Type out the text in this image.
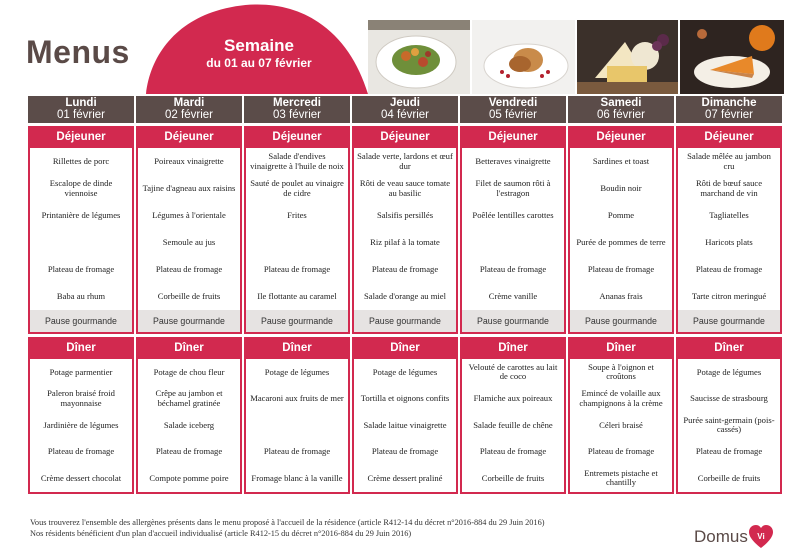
Menus	Semaine
du 01 au 07 février
Lundi
01 février
Déjeuner
Rillettes de porc
Escalope de dinde viennoise
Printanière de légumes
Plateau de fromage
Baba au rhum
Pause gourmande
Dîner
Potage parmentier
Paleron braisé froid mayonnaise
Jardinière de légumes
Plateau de fromage
Crème dessert chocolat
Mardi
02 février
Déjeuner
Poireaux vinaigrette
Tajine d'agneau aux raisins
Légumes à l'orientale
Semoule au jus
Plateau de fromage
Corbeille de fruits
Pause gourmande
Dîner
Potage de chou fleur
Crêpe au jambon et béchamel gratinée
Salade iceberg
Plateau de fromage
Compote pomme poire
Mercredi
03 février
Déjeuner
Salade d'endives vinaigrette à l'huile de noix
Sauté de poulet au vinaigre de cidre
Frites
Plateau de fromage
Ile flottante au caramel
Pause gourmande
Dîner
Potage de légumes
Macaroni aux fruits de mer
Plateau de fromage
Fromage blanc à la vanille
Jeudi
04 février
Déjeuner
Salade verte, lardons et œuf dur
Rôti de veau sauce tomate au basilic
Salsifis persillés
Riz pilaf à la tomate
Plateau de fromage
Salade d'orange au miel
Pause gourmande
Dîner
Potage de légumes
Tortilla et oignons confits
Salade laitue vinaigrette
Plateau de fromage
Crème dessert praliné
Vendredi
05 février
Déjeuner
Betteraves vinaigrette
Filet de saumon rôti à l'estragon
Poêlée lentilles carottes
Plateau de fromage
Crème vanille
Pause gourmande
Dîner
Velouté de carottes au lait de coco
Flamiche aux poireaux
Salade feuille de chêne
Plateau de fromage
Corbeille de fruits
Samedi
06 février
Déjeuner
Sardines et toast
Boudin noir
Pomme
Purée de pommes de terre
Plateau de fromage
Ananas frais
Pause gourmande
Dîner
Soupe à l'oignon et croûtons
Emincé de volaille aux champignons à la crème
Céleri braisé
Plateau de fromage
Entremets pistache et chantilly
Dimanche
07 février
Déjeuner
Salade mêlée au jambon cru
Rôti de bœuf sauce marchand de vin
Tagliatelles
Haricots plats
Plateau de fromage
Tarte citron meringué
Pause gourmande
Dîner
Potage de légumes
Saucisse de strasbourg
Purée saint-germain (pois-cassés)
Plateau de fromage
Corbeille de fruits
Vous trouverez l'ensemble des allergènes présents dans le menu proposé à l'accueil de la résidence (article R412-14 du décret n°2016-884 du 29 Juin 2016)
Nos résidents bénéficient d'un plan d'accueil individualisé (article R412-15 du décret n°2016-884 du 29 Juin 2016)	Domus Vi
